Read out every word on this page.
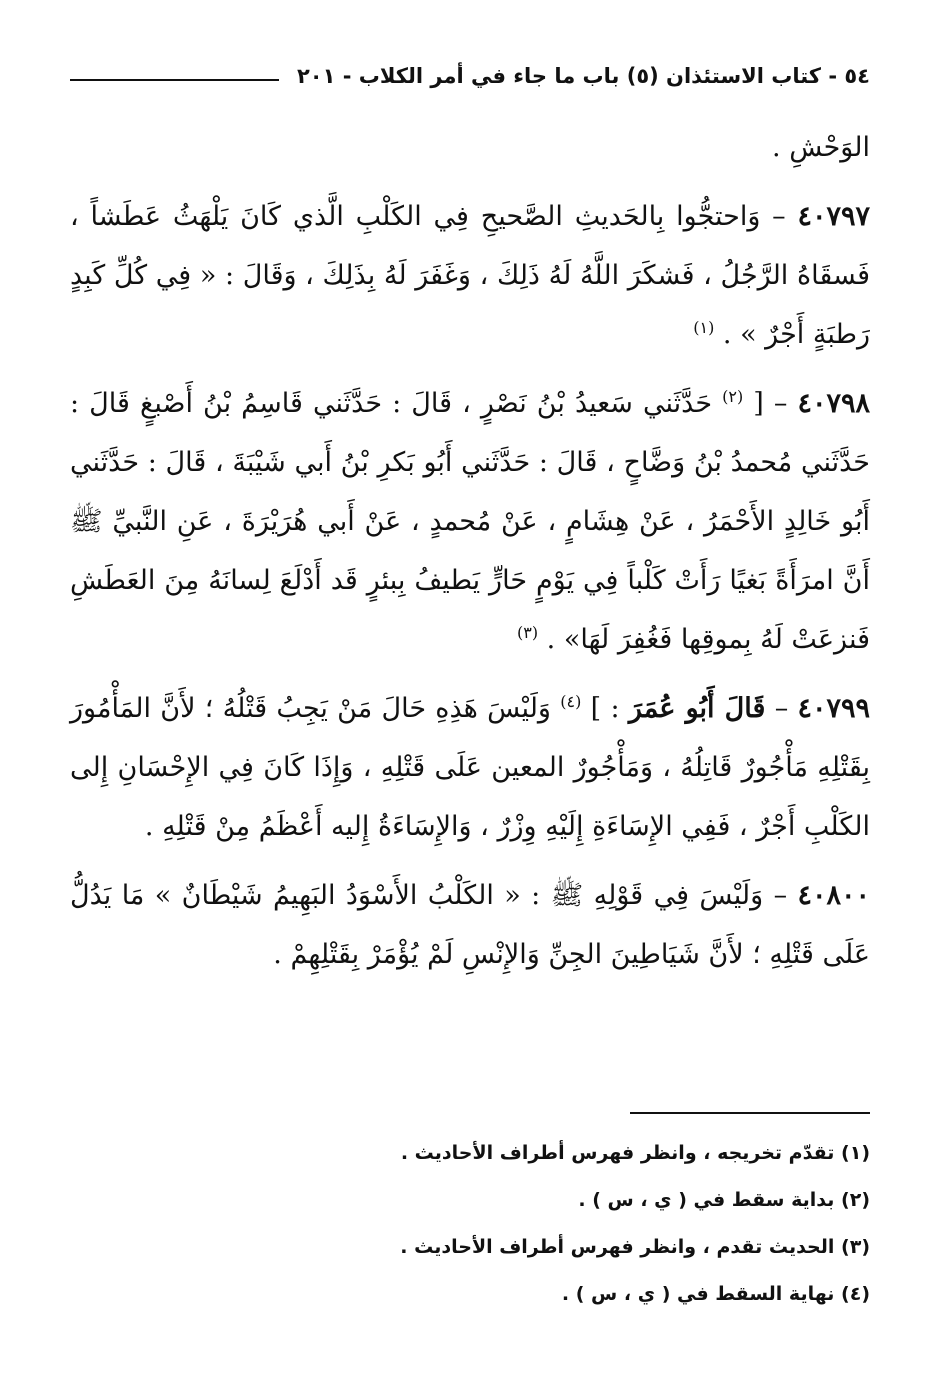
٥٤ - كتاب الاستئذان (٥) باب ما جاء في أمر الكلاب - ٢٠١

الوَحْشِ .

٤٠٧٩٧ – وَاحتجُّوا بِالحَديثِ الصَّحيحِ فِي الكَلْبِ الَّذي كَانَ يَلْهَثُ عَطَشاً ، فَسقَاهُ الرَّجُلُ ، فَشكَرَ اللَّهُ لَهُ ذَلِكَ ، وَغَفَرَ لَهُ بِذَلِكَ ، وَقَالَ : « فِي كُلِّ كَبِدٍ رَطبَةٍ أَجْرٌ » . $^{(١)}$

٤٠٧٩٨ – [ $^{(٢)}$ حَدَّثَني سَعيدُ بْنُ نَصْرٍ ، قَالَ : حَدَّثَني قَاسِمُ بْنُ أَصْبغٍ قَالَ : حَدَّثَني مُحمدُ بْنُ وَضَّاحٍ ، قَالَ : حَدَّثَني أَبُو بَكرِ بْنُ أَبي شَيْبَةَ ، قَالَ : حَدَّثَني أَبُو خَالِدٍ الأَحْمَرُ ، عَنْ هِشَامٍ ، عَنْ مُحمدٍ ، عَنْ أَبي هُرَيْرَةَ ، عَنِ النَّبيِّ ﷺ أَنَّ امرَأَةً بَغيًا رَأَتْ كَلْباً فِي يَوْمٍ حَارٍّ يَطيفُ بِبئرٍ قَد أَدْلَعَ لِسانَهُ مِنَ العَطَشِ فَنزعَتْ لَهُ بِموقِها فَغُفِرَ لَهَا» . $^{(٣)}$

٤٠٧٩٩ – قَالَ أَبُو عُمَرَ : ] $^{(٤)}$ وَلَيْسَ هَذِهِ حَالَ مَنْ يَجِبُ قَتْلُهُ ؛ لأَنَّ المَأْمُورَ بِقَتْلِهِ مَأْجُورٌ قَاتِلُهُ ، وَمَأْجُورٌ المعين عَلَى قَتْلِهِ ، وَإِذَا كَانَ فِي الإِحْسَانِ إِلى الكَلْبِ أَجْرٌ ، فَفِي الإِسَاءَةِ إِلَيْهِ وِزْرٌ ، وَالإِسَاءَةُ إِليه أَعْظَمُ مِنْ قَتْلِهِ .

٤٠٨٠٠ – وَلَيْسَ فِي قَوْلِهِ ﷺ : « الكَلْبُ الأَسْوَدُ البَهِيمُ شَيْطَانٌ » مَا يَدُلُّ عَلَى قَتْلِهِ ؛ لأَنَّ شَيَاطِينَ الجِنِّ وَالإِنْسِ لَمْ يُؤْمَرْ بِقَتْلِهِمْ .

(١) تقدّم تخريجه ، وانظر فهرس أطراف الأحاديث .

(٢) بداية سقط في ( ي ، س ) .

(٣) الحديث تقدم ، وانظر فهرس أطراف الأحاديث .

(٤) نهاية السقط في ( ي ، س ) .
